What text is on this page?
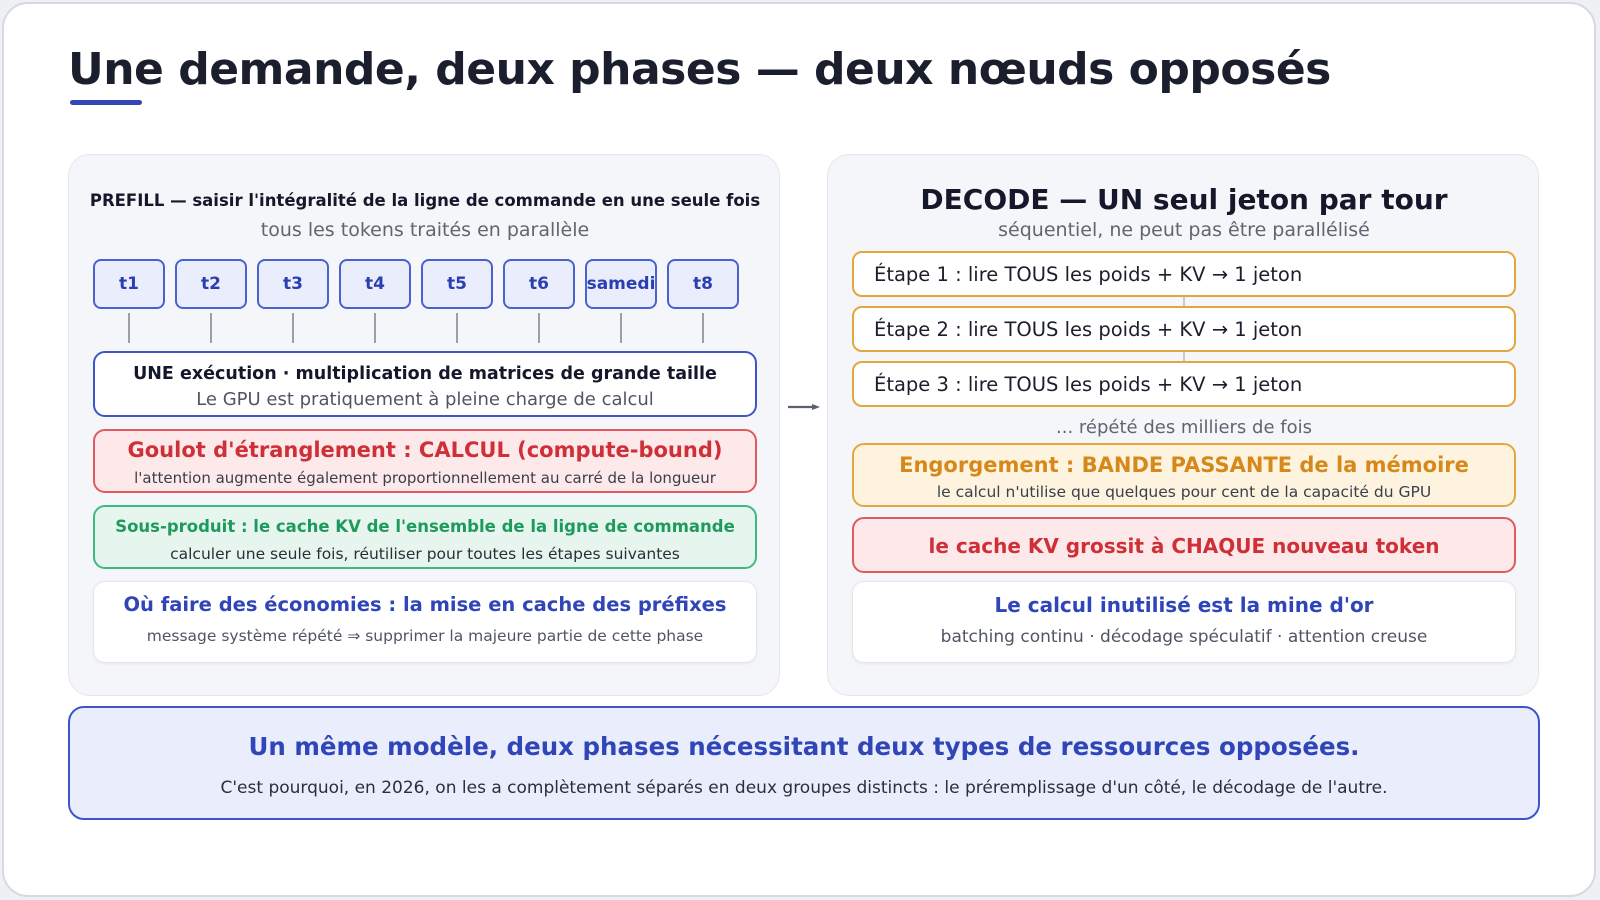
Une demande, deux phases — deux nœuds opposés
PREFILL — saisir l'intégralité de la ligne de commande en une seule fois
tous les tokens traités en parallèle
t1	t2	t3	t4	t5	t6	samedi	t8
UNE exécution · multiplication de matrices de grande taille
Le GPU est pratiquement à pleine charge de calcul
Goulot d'étranglement : CALCUL (compute-bound)
l'attention augmente également proportionnellement au carré de la longueur
Sous-produit : le cache KV de l'ensemble de la ligne de commande
calculer une seule fois, réutiliser pour toutes les étapes suivantes
Où faire des économies : la mise en cache des préfixes
message système répété ⇒ supprimer la majeure partie de cette phase
DECODE — UN seul jeton par tour
séquentiel, ne peut pas être parallélisé
Étape 1 : lire TOUS les poids + KV → 1 jeton
Étape 2 : lire TOUS les poids + KV → 1 jeton
Étape 3 : lire TOUS les poids + KV → 1 jeton
... répété des milliers de fois
Engorgement : BANDE PASSANTE de la mémoire
le calcul n'utilise que quelques pour cent de la capacité du GPU
le cache KV grossit à CHAQUE nouveau token
Le calcul inutilisé est la mine d'or
batching continu · décodage spéculatif · attention creuse
Un même modèle, deux phases nécessitant deux types de ressources opposées.
C'est pourquoi, en 2026, on les a complètement séparés en deux groupes distincts : le préremplissage d'un côté, le décodage de l'autre.
